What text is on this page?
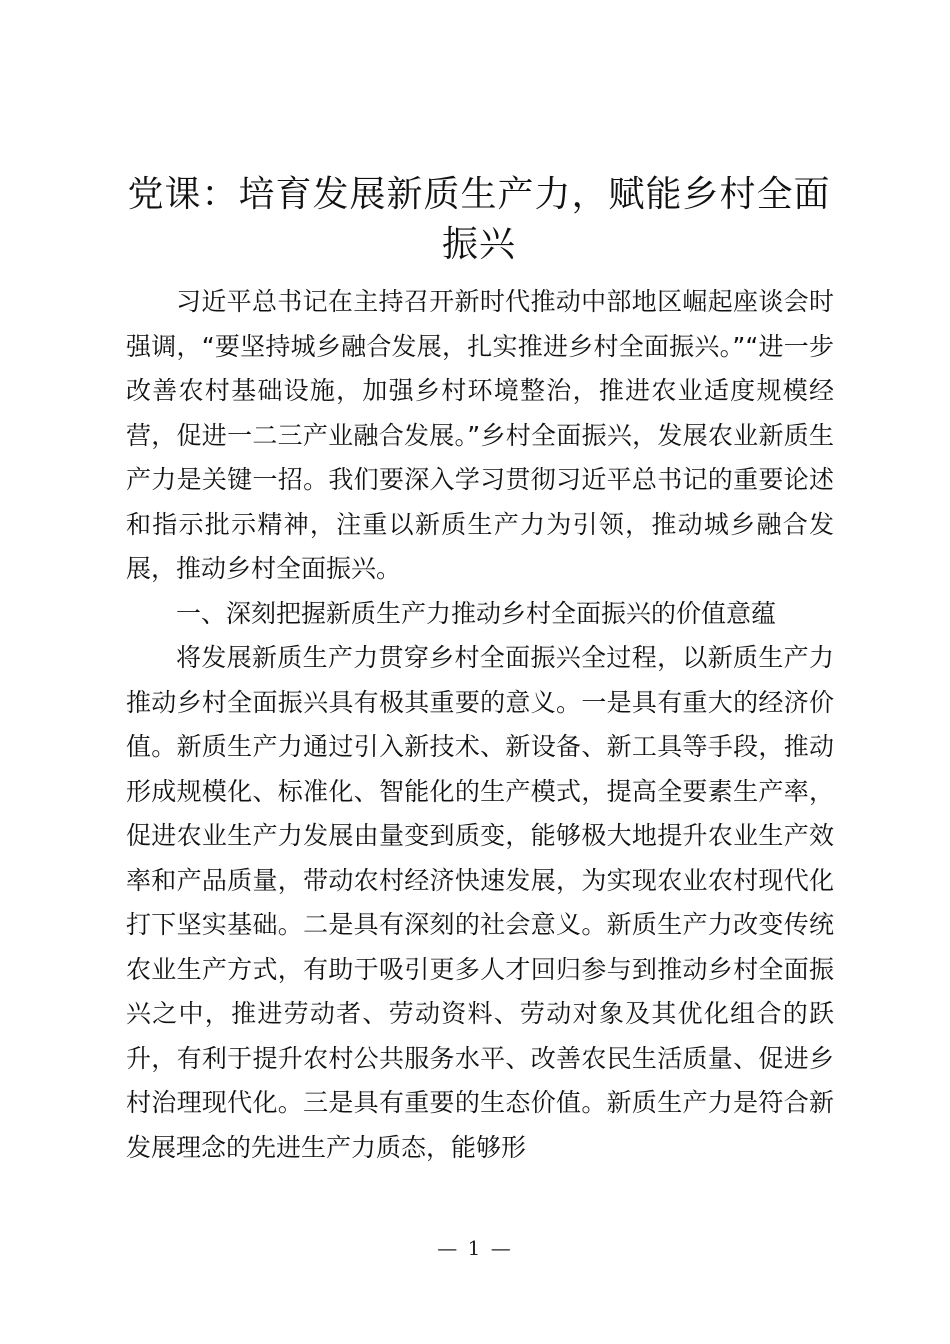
党课：培育发展新质生产力，赋能乡村全面振兴

习近平总书记在主持召开新时代推动中部地区崛起座谈会时强调，“要坚持城乡融合发展，扎实推进乡村全面振兴。”“进一步改善农村基础设施，加强乡村环境整治，推进农业适度规模经营，促进一二三产业融合发展。”乡村全面振兴，发展农业新质生产力是关键一招。我们要深入学习贯彻习近平总书记的重要论述和指示批示精神，注重以新质生产力为引领，推动城乡融合发展，推动乡村全面振兴。

一、深刻把握新质生产力推动乡村全面振兴的价值意蕴

将发展新质生产力贯穿乡村全面振兴全过程，以新质生产力推动乡村全面振兴具有极其重要的意义。一是具有重大的经济价值。新质生产力通过引入新技术、新设备、新工具等手段，推动形成规模化、标准化、智能化的生产模式，提高全要素生产率，促进农业生产力发展由量变到质变，能够极大地提升农业生产效率和产品质量，带动农村经济快速发展，为实现农业农村现代化打下坚实基础。二是具有深刻的社会意义。新质生产力改变传统农业生产方式，有助于吸引更多人才回归参与到推动乡村全面振兴之中，推进劳动者、劳动资料、劳动对象及其优化组合的跃升，有利于提升农村公共服务水平、改善农民生活质量、促进乡村治理现代化。三是具有重要的生态价值。新质生产力是符合新发展理念的先进生产力质态，能够形

— 1 —
